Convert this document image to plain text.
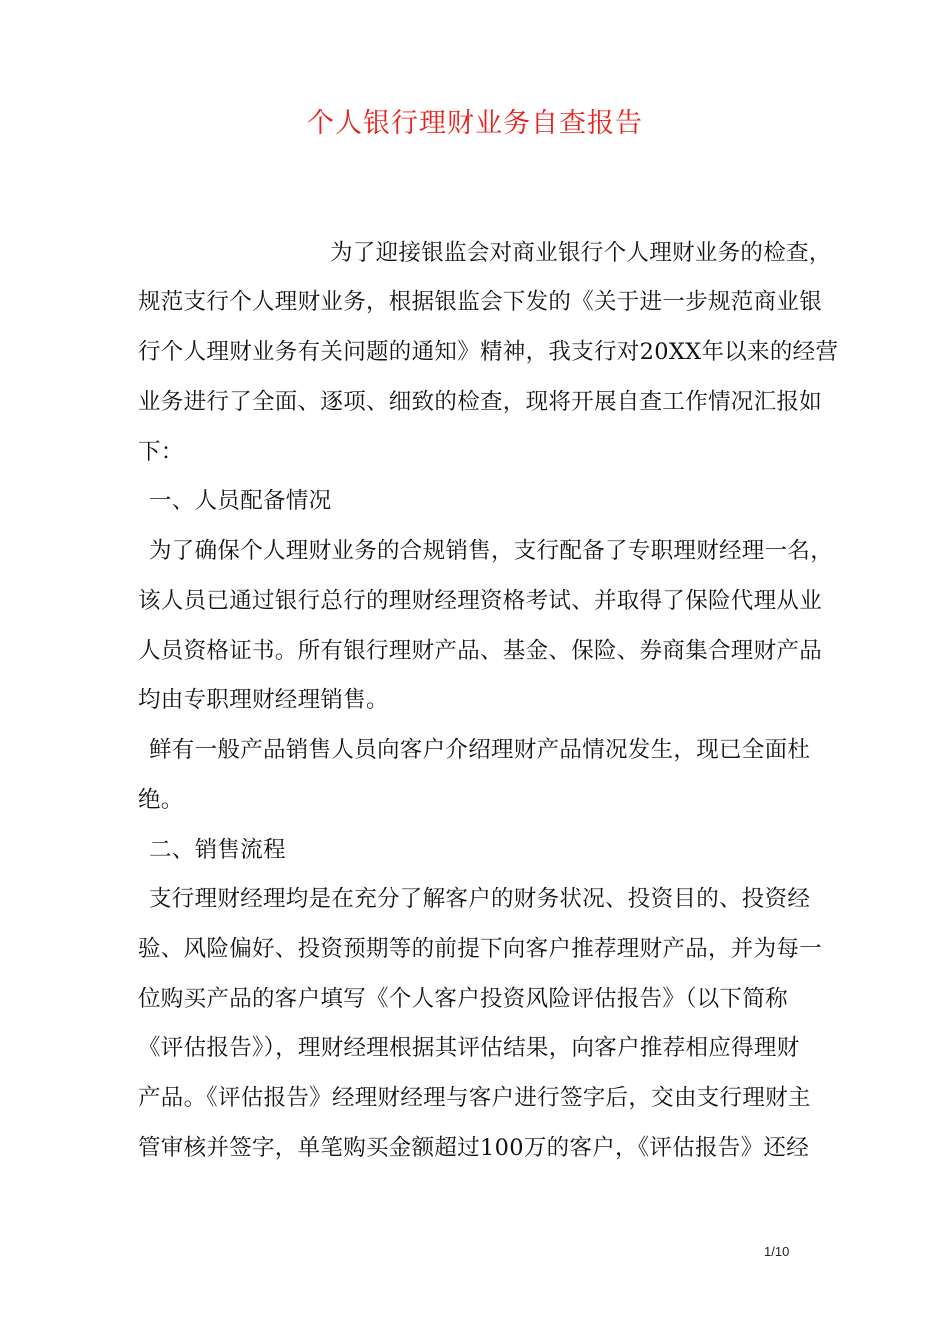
个人银行理财业务自查报告
为了迎接银监会对商业银行个人理财业务的检查，
规范支行个人理财业务，根据银监会下发的《关于进一步规范商业银
行个人理财业务有关问题的通知》精神，我支行对20XX年以来的经营
业务进行了全面、逐项、细致的检查，现将开展自查工作情况汇报如
下：
一、人员配备情况
为了确保个人理财业务的合规销售，支行配备了专职理财经理一名，
该人员已通过银行总行的理财经理资格考试、并取得了保险代理从业
人员资格证书。所有银行理财产品、基金、保险、券商集合理财产品
均由专职理财经理销售。
鲜有一般产品销售人员向客户介绍理财产品情况发生，现已全面杜
绝。
二、销售流程
支行理财经理均是在充分了解客户的财务状况、投资目的、投资经
验、风险偏好、投资预期等的前提下向客户推荐理财产品，并为每一
位购买产品的客户填写《个人客户投资风险评估报告》（以下简称
《评估报告》），理财经理根据其评估结果，向客户推荐相应得理财
产品。《评估报告》经理财经理与客户进行签字后，交由支行理财主
管审核并签字，单笔购买金额超过100万的客户，《评估报告》还经
1/10
